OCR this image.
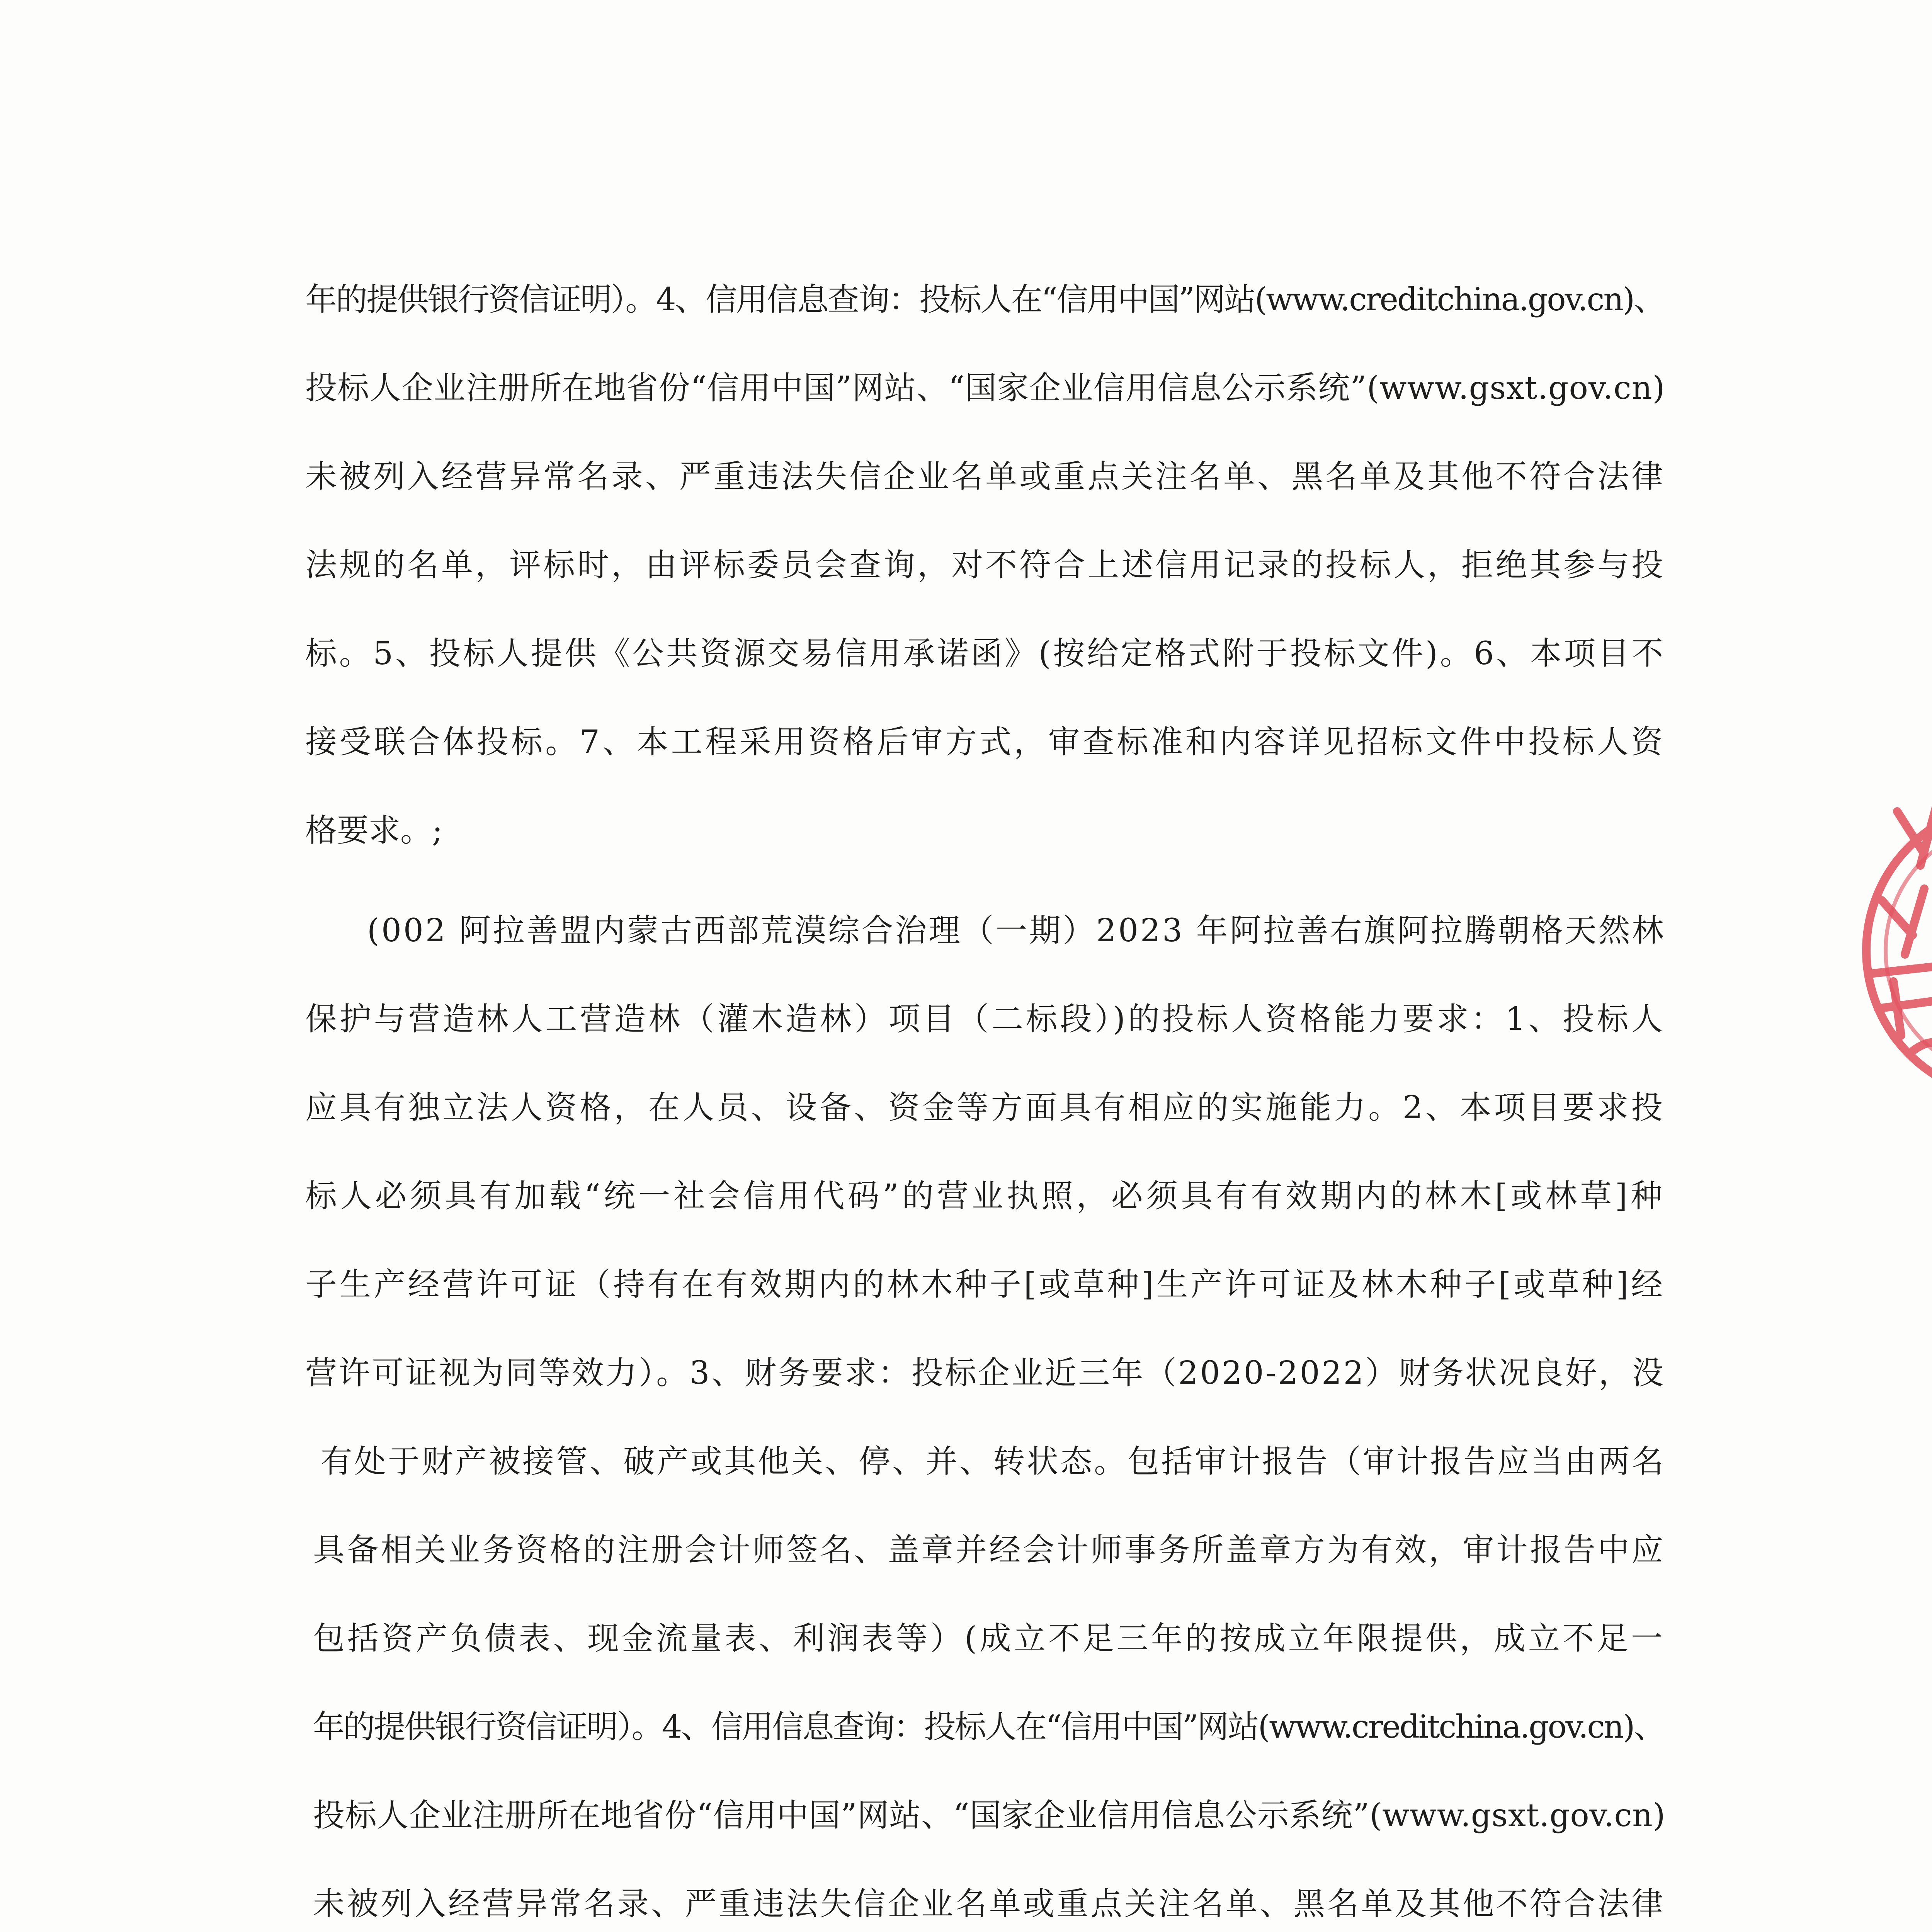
年的提供银行资信证明）。4、信用信息查询：投标人在“信用中国”网站(www.creditchina.gov.cn)、
投标人企业注册所在地省份“信用中国”网站、“国家企业信用信息公示系统”(www.gsxt.gov.cn)
未被列入经营异常名录、严重违法失信企业名单或重点关注名单、黑名单及其他不符合法律
法规的名单，评标时，由评标委员会查询，对不符合上述信用记录的投标人，拒绝其参与投
标。5、投标人提供《公共资源交易信用承诺函》(按给定格式附于投标文件)。6、本项目不
接受联合体投标。7、本工程采用资格后审方式，审查标准和内容详见招标文件中投标人资
格要求。;
(002 阿拉善盟内蒙古西部荒漠综合治理（一期）2023 年阿拉善右旗阿拉腾朝格天然林
保护与营造林人工营造林（灌木造林）项目（二标段）)的投标人资格能力要求：1、投标人
应具有独立法人资格，在人员、设备、资金等方面具有相应的实施能力。2、本项目要求投
标人必须具有加载“统一社会信用代码”的营业执照，必须具有有效期内的林木[或林草]种
子生产经营许可证（持有在有效期内的林木种子[或草种]生产许可证及林木种子[或草种]经
营许可证视为同等效力）。3、财务要求：投标企业近三年（2020-2022）财务状况良好，没
有处于财产被接管、破产或其他关、停、并、转状态。包括审计报告（审计报告应当由两名
具备相关业务资格的注册会计师签名、盖章并经会计师事务所盖章方为有效，审计报告中应
包括资产负债表、现金流量表、利润表等）(成立不足三年的按成立年限提供，成立不足一
年的提供银行资信证明）。4、信用信息查询：投标人在“信用中国”网站(www.creditchina.gov.cn)、
投标人企业注册所在地省份“信用中国”网站、“国家企业信用信息公示系统”(www.gsxt.gov.cn)
未被列入经营异常名录、严重违法失信企业名单或重点关注名单、黑名单及其他不符合法律
